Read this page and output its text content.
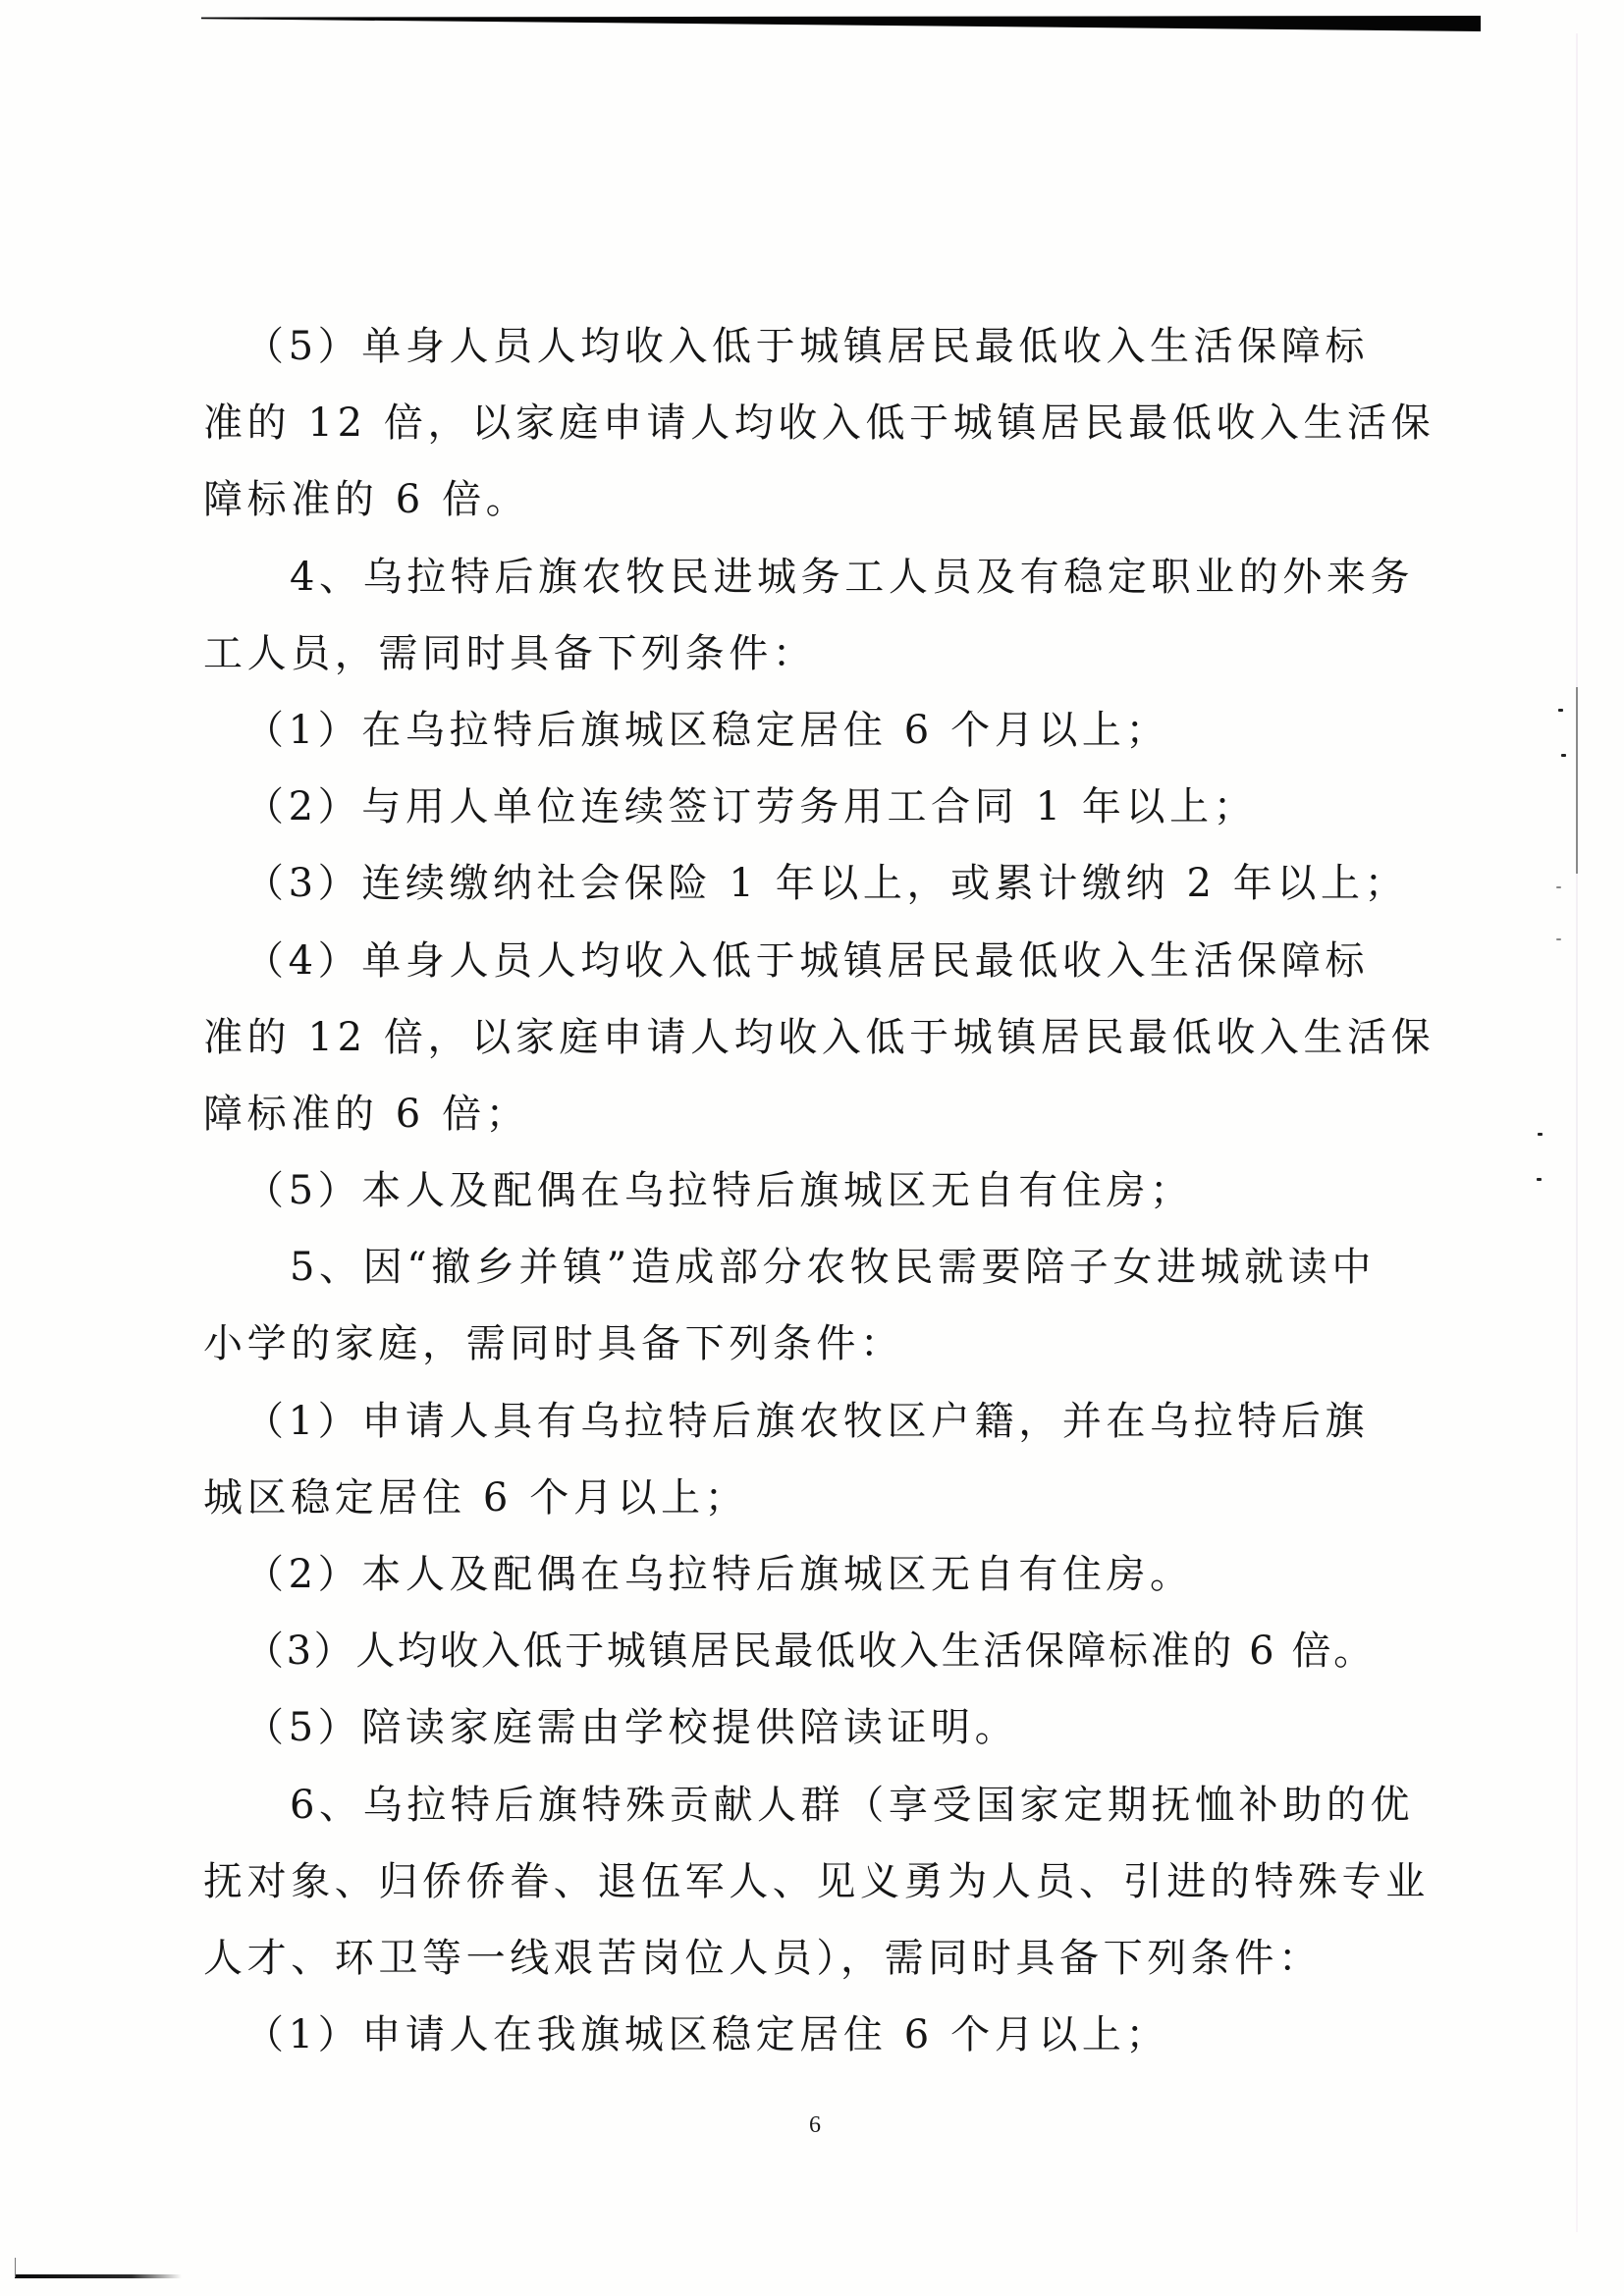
（5）单身人员人均收入低于城镇居民最低收入生活保障标
准的 12 倍，以家庭申请人均收入低于城镇居民最低收入生活保
障标准的 6 倍。
4、乌拉特后旗农牧民进城务工人员及有稳定职业的外来务
工人员，需同时具备下列条件：
（1）在乌拉特后旗城区稳定居住 6 个月以上；
（2）与用人单位连续签订劳务用工合同 1 年以上；
（3）连续缴纳社会保险 1 年以上，或累计缴纳 2 年以上；
（4）单身人员人均收入低于城镇居民最低收入生活保障标
准的 12 倍，以家庭申请人均收入低于城镇居民最低收入生活保
障标准的 6 倍；
（5）本人及配偶在乌拉特后旗城区无自有住房；
5、因“撤乡并镇”造成部分农牧民需要陪子女进城就读中
小学的家庭，需同时具备下列条件：
（1）申请人具有乌拉特后旗农牧区户籍，并在乌拉特后旗
城区稳定居住 6 个月以上；
（2）本人及配偶在乌拉特后旗城区无自有住房。
（3）人均收入低于城镇居民最低收入生活保障标准的 6 倍。
（5）陪读家庭需由学校提供陪读证明。
6、乌拉特后旗特殊贡献人群（享受国家定期抚恤补助的优
抚对象、归侨侨眷、退伍军人、见义勇为人员、引进的特殊专业
人才、环卫等一线艰苦岗位人员），需同时具备下列条件：
（1）申请人在我旗城区稳定居住 6 个月以上；
6
